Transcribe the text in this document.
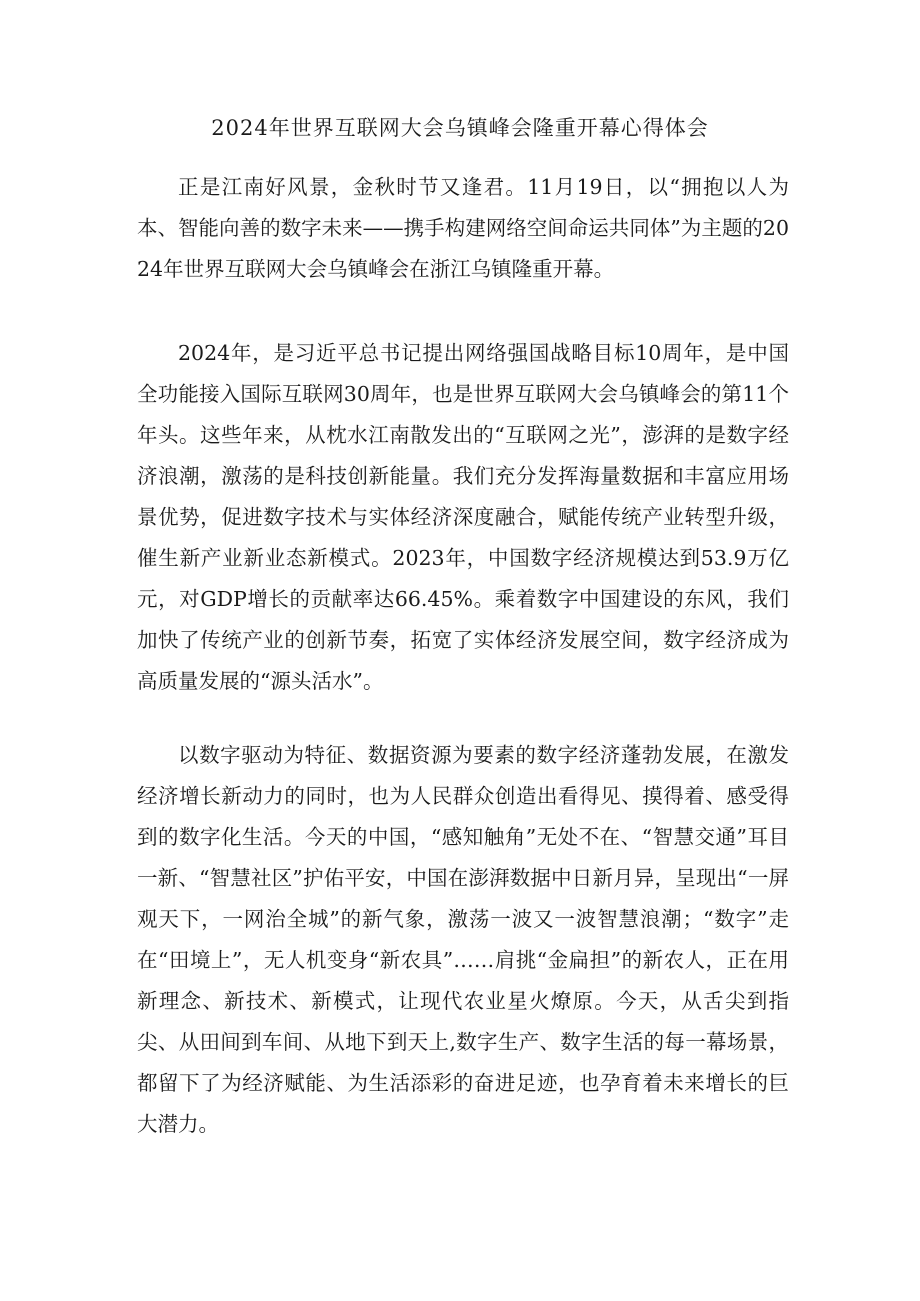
2024年世界互联网大会乌镇峰会隆重开幕心得体会

正是江南好风景，金秋时节又逢君。11月19日，以“拥抱以人为本、智能向善的数字未来——携手构建网络空间命运共同体”为主题的2024年世界互联网大会乌镇峰会在浙江乌镇隆重开幕。

2024年，是习近平总书记提出网络强国战略目标10周年，是中国全功能接入国际互联网30周年，也是世界互联网大会乌镇峰会的第11个年头。这些年来，从枕水江南散发出的“互联网之光”，澎湃的是数字经济浪潮，激荡的是科技创新能量。我们充分发挥海量数据和丰富应用场景优势，促进数字技术与实体经济深度融合，赋能传统产业转型升级，催生新产业新业态新模式。2023年，中国数字经济规模达到53.9万亿元，对GDP增长的贡献率达66.45%。乘着数字中国建设的东风，我们加快了传统产业的创新节奏，拓宽了实体经济发展空间，数字经济成为高质量发展的“源头活水”。

以数字驱动为特征、数据资源为要素的数字经济蓬勃发展，在激发经济增长新动力的同时，也为人民群众创造出看得见、摸得着、感受得到的数字化生活。今天的中国，“感知触角”无处不在、“智慧交通”耳目一新、“智慧社区”护佑平安，中国在澎湃数据中日新月异，呈现出“一屏观天下，一网治全城”的新气象，激荡一波又一波智慧浪潮；“数字”走在“田境上”，无人机变身“新农具”……肩挑“金扁担”的新农人，正在用新理念、新技术、新模式，让现代农业星火燎原。今天，从舌尖到指尖、从田间到车间、从地下到天上,数字生产、数字生活的每一幕场景，都留下了为经济赋能、为生活添彩的奋进足迹，也孕育着未来增长的巨大潜力。
